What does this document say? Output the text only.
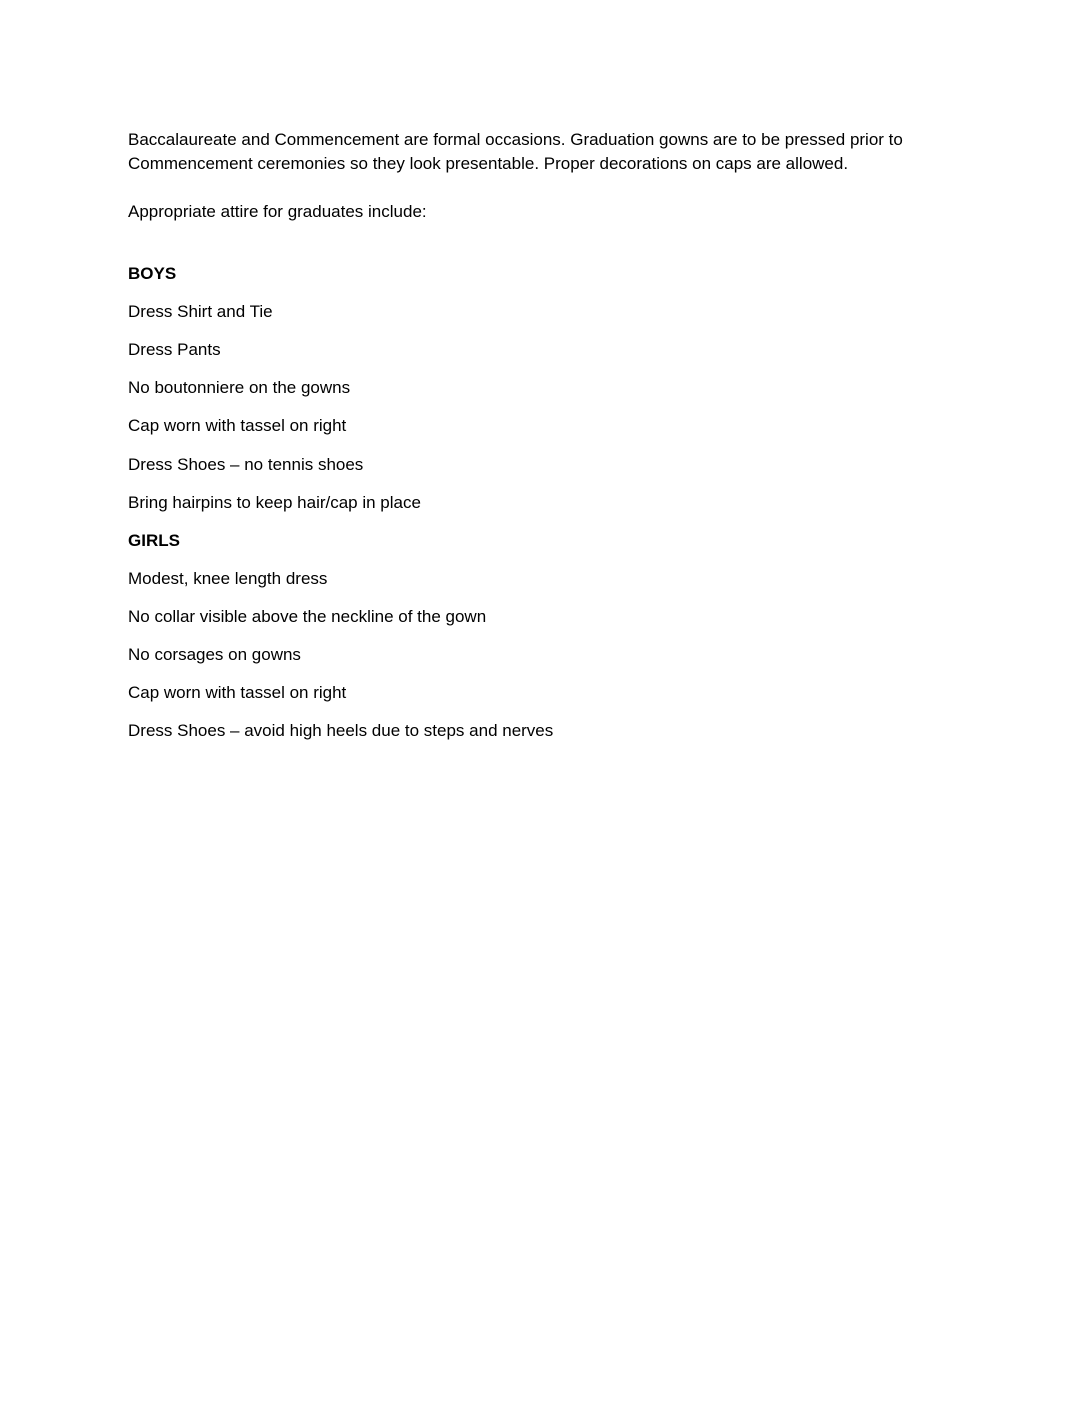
Baccalaureate and Commencement are formal occasions. Graduation gowns are to be pressed prior to
Commencement ceremonies so they look presentable. Proper decorations on caps are allowed.
Appropriate attire for graduates include:
BOYS
Dress Shirt and Tie
Dress Pants
No boutonniere on the gowns
Cap worn with tassel on right
Dress Shoes – no tennis shoes
Bring hairpins to keep hair/cap in place
GIRLS
Modest, knee length dress
No collar visible above the neckline of the gown
No corsages on gowns
Cap worn with tassel on right
Dress Shoes – avoid high heels due to steps and nerves
